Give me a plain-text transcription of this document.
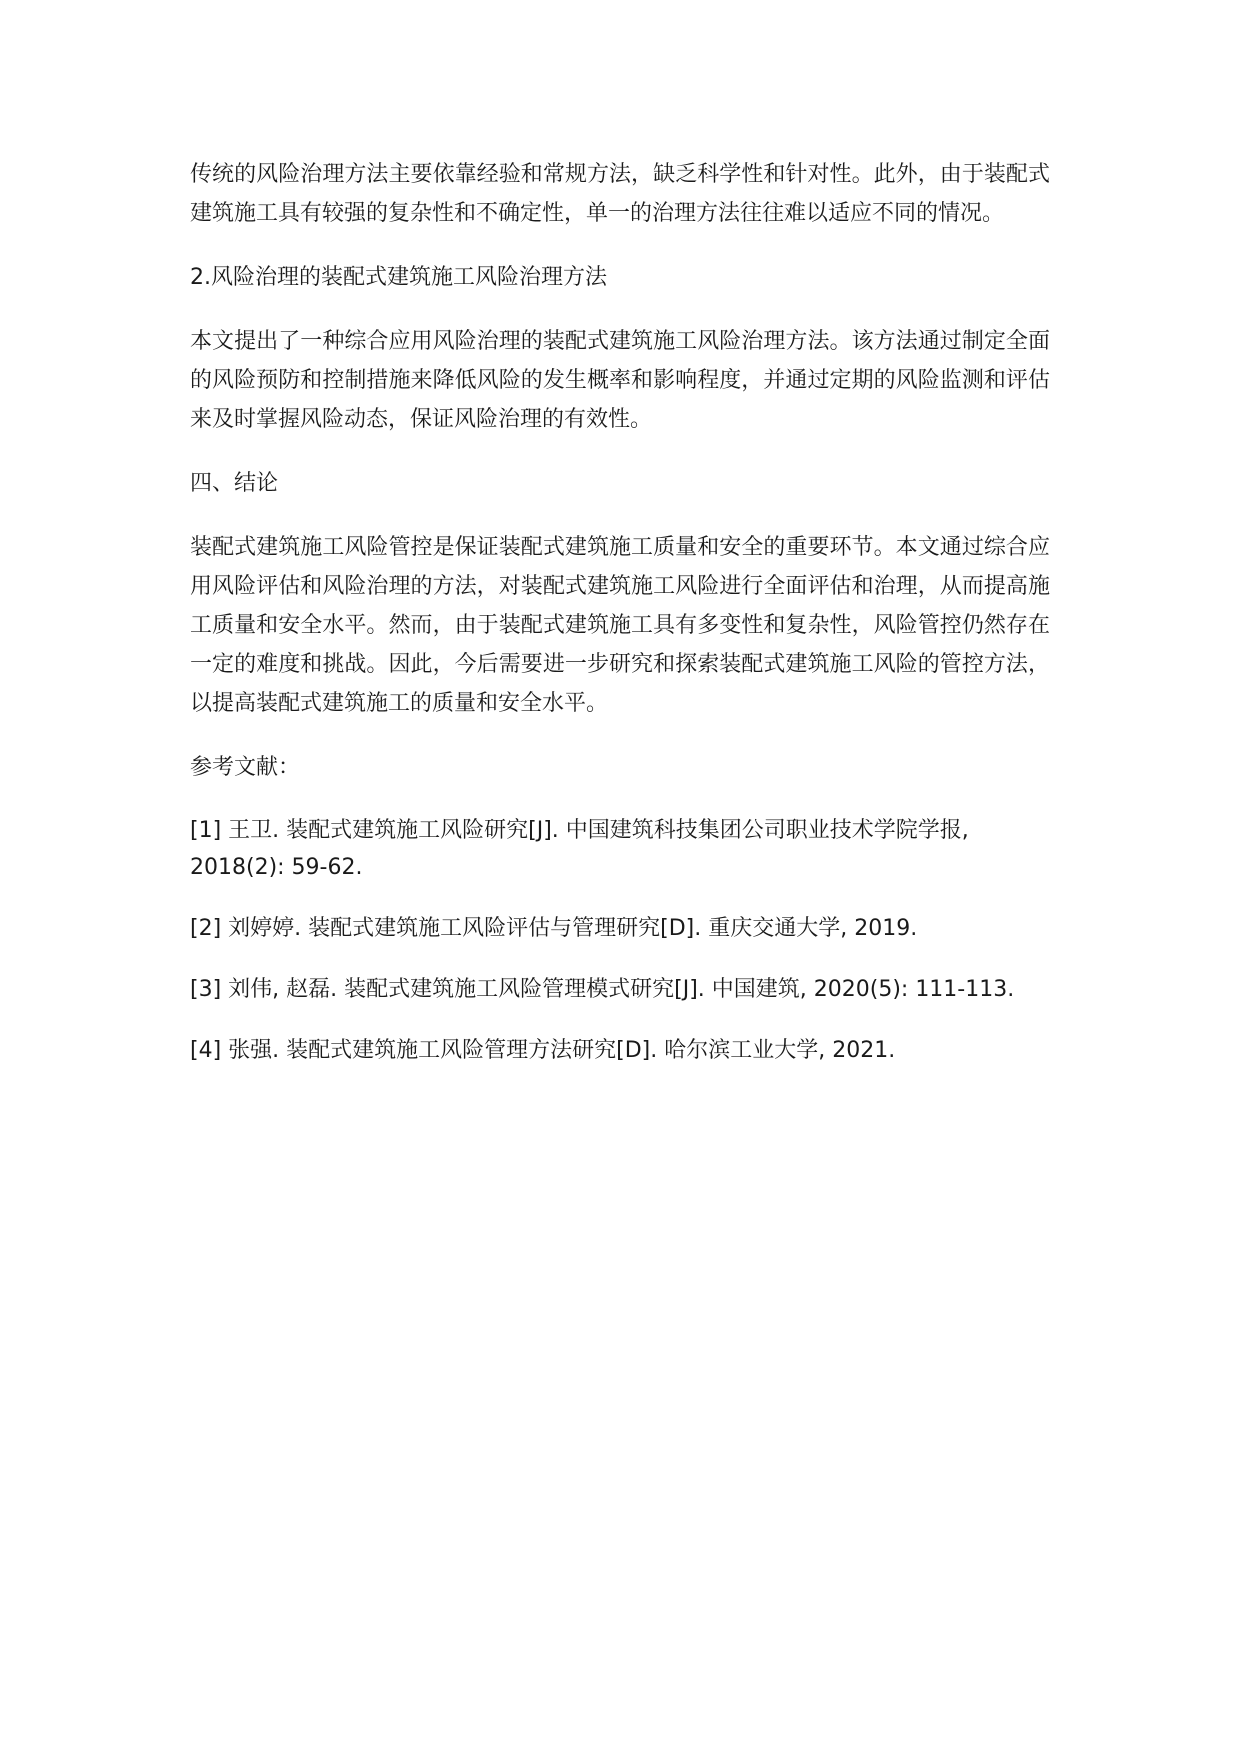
传统的风险治理方法主要依靠经验和常规方法，缺乏科学性和针对性。此外，由于装配式建筑施工具有较强的复杂性和不确定性，单一的治理方法往往难以适应不同的情况。

2.风险治理的装配式建筑施工风险治理方法

本文提出了一种综合应用风险治理的装配式建筑施工风险治理方法。该方法通过制定全面的风险预防和控制措施来降低风险的发生概率和影响程度，并通过定期的风险监测和评估来及时掌握风险动态，保证风险治理的有效性。

四、结论

装配式建筑施工风险管控是保证装配式建筑施工质量和安全的重要环节。本文通过综合应用风险评估和风险治理的方法，对装配式建筑施工风险进行全面评估和治理，从而提高施工质量和安全水平。然而，由于装配式建筑施工具有多变性和复杂性，风险管控仍然存在一定的难度和挑战。因此，今后需要进一步研究和探索装配式建筑施工风险的管控方法，以提高装配式建筑施工的质量和安全水平。

参考文献：

[1] 王卫. 装配式建筑施工风险研究[J]. 中国建筑科技集团公司职业技术学院学报, 2018(2): 59-62.

[2] 刘婷婷. 装配式建筑施工风险评估与管理研究[D]. 重庆交通大学, 2019.

[3] 刘伟, 赵磊. 装配式建筑施工风险管理模式研究[J]. 中国建筑, 2020(5): 111-113.

[4] 张强. 装配式建筑施工风险管理方法研究[D]. 哈尔滨工业大学, 2021.
